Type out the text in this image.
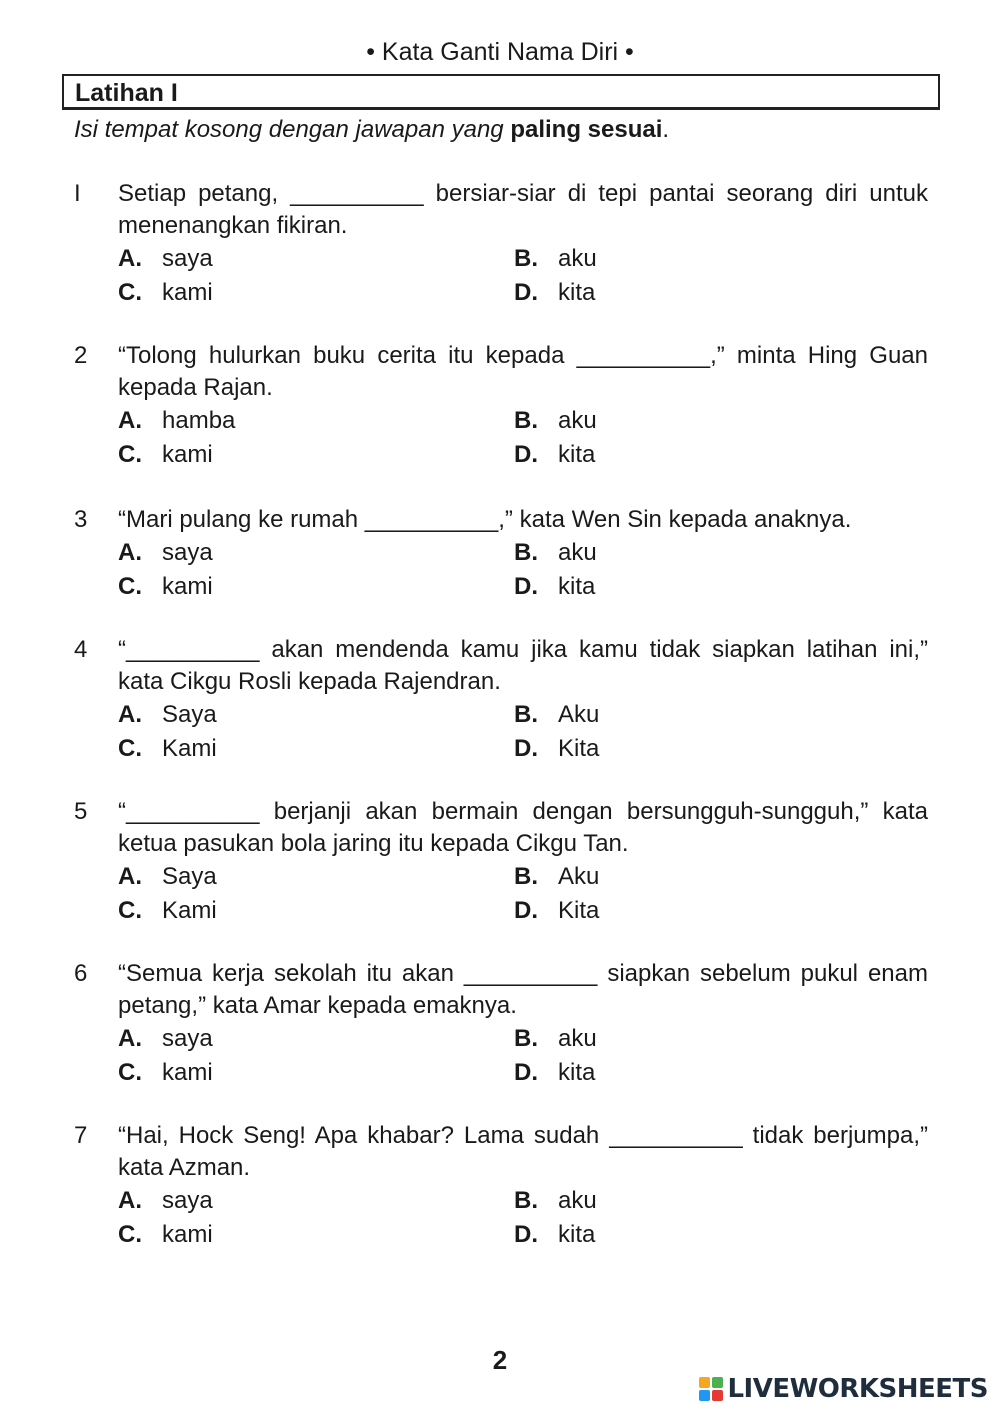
• Kata Ganti Nama Diri •
Latihan I
Isi tempat kosong dengan jawapan yang paling sesuai.
I	Setiap petang, __________ bersiar-siar di tepi pantai seorang diri untuk menenangkan fikiran.
A. saya	B. aku
C. kami	D. kita
2	“Tolong hulurkan buku cerita itu kepada __________,” minta Hing Guan kepada Rajan.
A. hamba	B. aku
C. kami	D. kita
3	“Mari pulang ke rumah __________,” kata Wen Sin kepada anaknya.
A. saya	B. aku
C. kami	D. kita
4	“__________ akan mendenda kamu jika kamu tidak siapkan latihan ini,” kata Cikgu Rosli kepada Rajendran.
A. Saya	B. Aku
C. Kami	D. Kita
5	“__________ berjanji akan bermain dengan bersungguh-sungguh,” kata ketua pasukan bola jaring itu kepada Cikgu Tan.
A. Saya	B. Aku
C. Kami	D. Kita
6	“Semua kerja sekolah itu akan __________ siapkan sebelum pukul enam petang,” kata Amar kepada emaknya.
A. saya	B. aku
C. kami	D. kita
7	“Hai, Hock Seng! Apa khabar? Lama sudah __________ tidak berjumpa,” kata Azman.
A. saya	B. aku
C. kami	D. kita
2
LIVEWORKSHEETS
